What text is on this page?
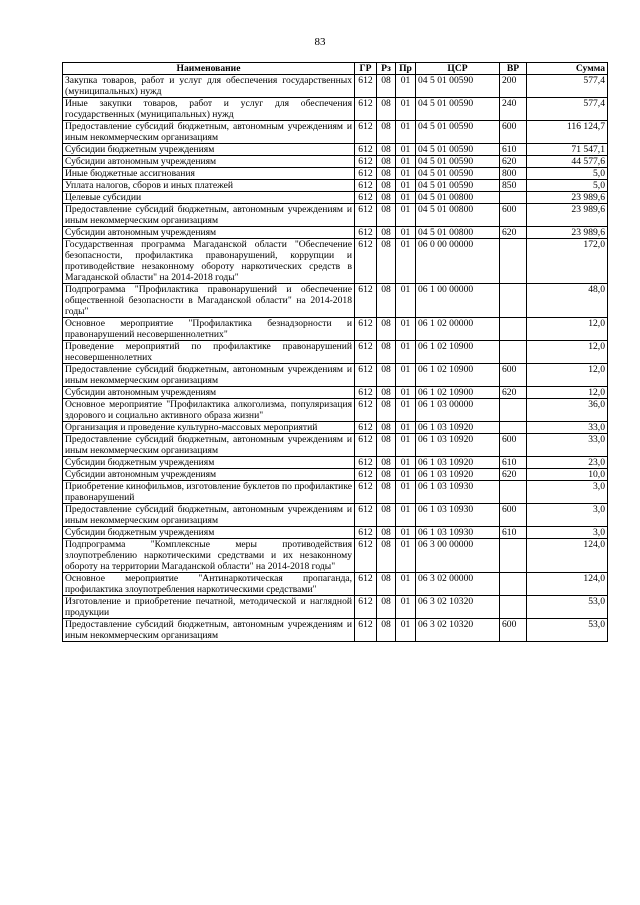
83
Наименование	ГР	Рз	Пр	ЦСР	ВР	Сумма
Закупка товаров, работ и услуг для обеспечения государственных (муниципальных) нужд	612	08	01	04 5 01 00590	200	577,4
Иные закупки товаров, работ и услуг для обеспечения государственных (муниципальных) нужд	612	08	01	04 5 01 00590	240	577,4
Предоставление субсидий бюджетным, автономным учреждениям и иным некоммерческим организациям	612	08	01	04 5 01 00590	600	116 124,7
Субсидии бюджетным учреждениям	612	08	01	04 5 01 00590	610	71 547,1
Субсидии автономным учреждениям	612	08	01	04 5 01 00590	620	44 577,6
Иные бюджетные ассигнования	612	08	01	04 5 01 00590	800	5,0
Уплата налогов, сборов и иных платежей	612	08	01	04 5 01 00590	850	5,0
Целевые субсидии	612	08	01	04 5 01 00800		23 989,6
Предоставление субсидий бюджетным, автономным учреждениям и иным некоммерческим организациям	612	08	01	04 5 01 00800	600	23 989,6
Субсидии автономным учреждениям	612	08	01	04 5 01 00800	620	23 989,6
Государственная программа Магаданской области "Обеспечение безопасности, профилактика правонарушений, коррупции и противодействие незаконному обороту наркотических средств в Магаданской области" на 2014-2018 годы"	612	08	01	06 0 00 00000		172,0
Подпрограмма "Профилактика правонарушений и обеспечение общественной безопасности в Магаданской области" на 2014-2018 годы"	612	08	01	06 1 00 00000		48,0
Основное мероприятие "Профилактика безнадзорности и правонарушений несовершеннолетних"	612	08	01	06 1 02 00000		12,0
Проведение мероприятий по профилактике правонарушений несовершеннолетних	612	08	01	06 1 02 10900		12,0
Предоставление субсидий бюджетным, автономным учреждениям и иным некоммерческим организациям	612	08	01	06 1 02 10900	600	12,0
Субсидии автономным учреждениям	612	08	01	06 1 02 10900	620	12,0
Основное мероприятие "Профилактика алкоголизма, популяризация здорового и социально активного образа жизни"	612	08	01	06 1 03 00000		36,0
Организация и проведение культурно-массовых мероприятий	612	08	01	06 1 03 10920		33,0
Предоставление субсидий бюджетным, автономным учреждениям и иным некоммерческим организациям	612	08	01	06 1 03 10920	600	33,0
Субсидии бюджетным учреждениям	612	08	01	06 1 03 10920	610	23,0
Субсидии автономным учреждениям	612	08	01	06 1 03 10920	620	10,0
Приобретение кинофильмов, изготовление буклетов по профилактике правонарушений	612	08	01	06 1 03 10930		3,0
Предоставление субсидий бюджетным, автономным учреждениям и иным некоммерческим организациям	612	08	01	06 1 03 10930	600	3,0
Субсидии бюджетным учреждениям	612	08	01	06 1 03 10930	610	3,0
Подпрограмма "Комплексные меры противодействия злоупотреблению наркотическими средствами и их незаконному обороту на территории Магаданской области" на 2014-2018 годы"	612	08	01	06 3 00 00000		124,0
Основное мероприятие "Антинаркотическая пропаганда, профилактика злоупотребления наркотическими средствами"	612	08	01	06 3 02 00000		124,0
Изготовление и приобретение печатной, методической и наглядной продукции	612	08	01	06 3 02 10320		53,0
Предоставление субсидий бюджетным, автономным учреждениям и иным некоммерческим организациям	612	08	01	06 3 02 10320	600	53,0
